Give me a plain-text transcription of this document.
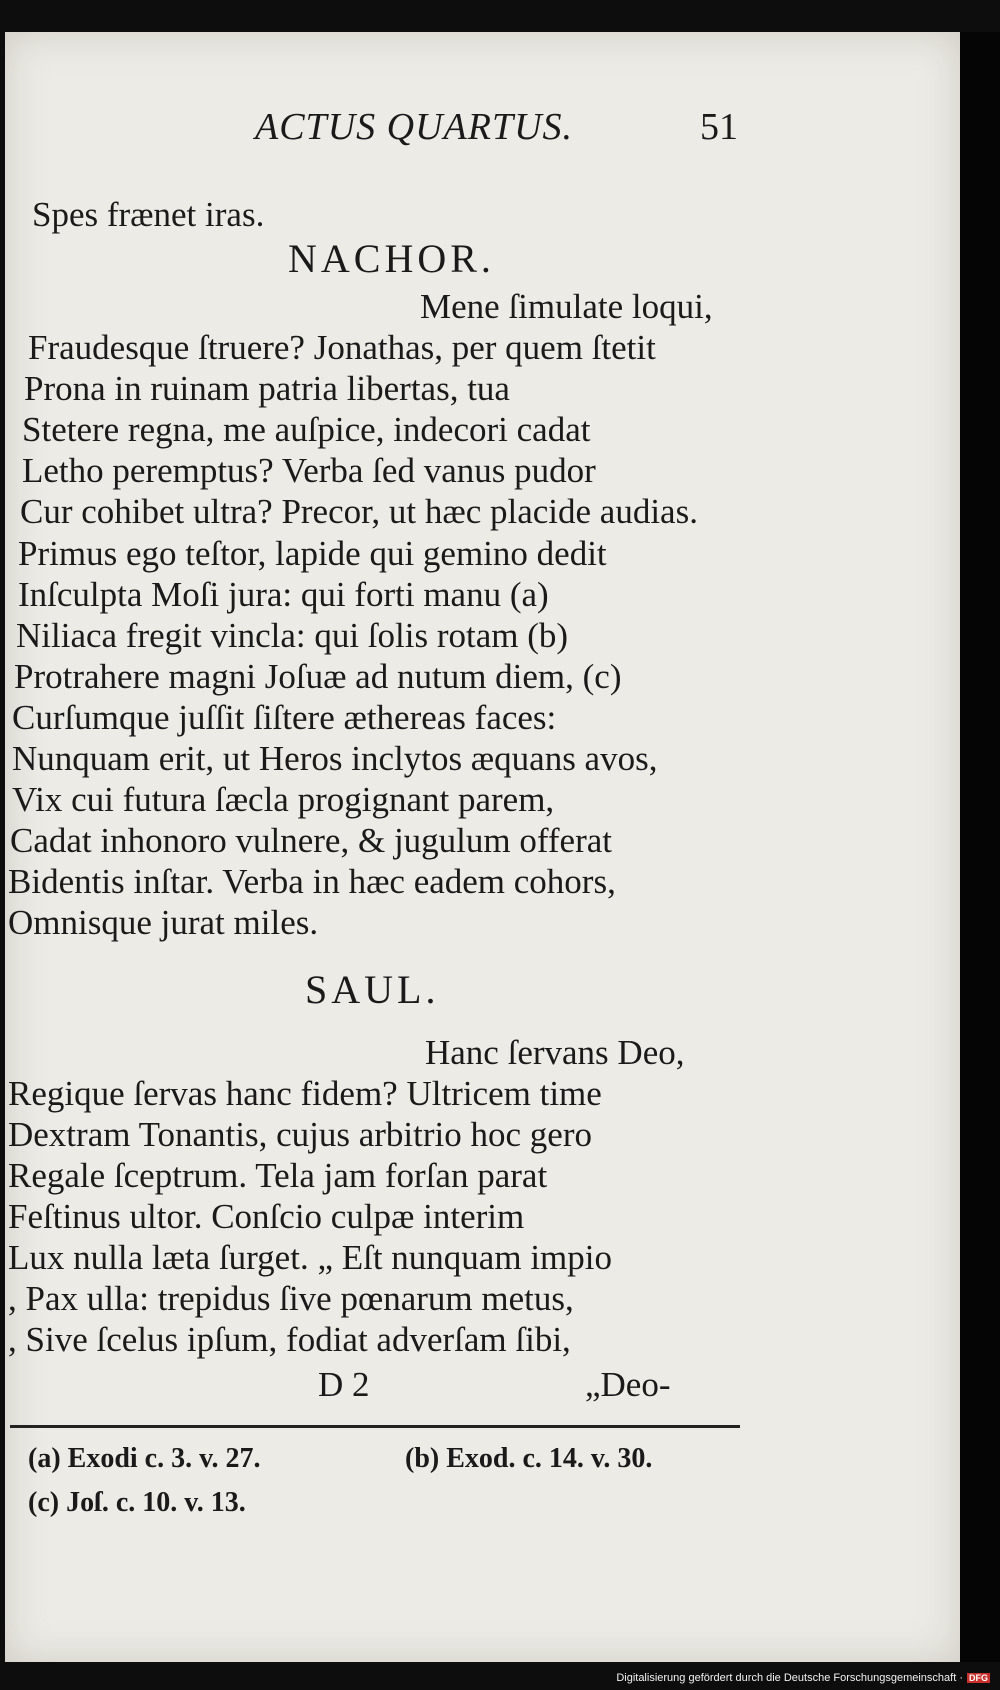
ACTUS QUARTUS.	51
Spes frænet iras.
NACHOR.
Mene ſimulate loqui,
Fraudesque ſtruere? Jonathas, per quem ſtetit
Prona in ruinam patria libertas, tua
Stetere regna, me auſpice, indecori cadat
Letho peremptus? Verba ſed vanus pudor
Cur cohibet ultra? Precor, ut hæc placide audias.
Primus ego teſtor, lapide qui gemino dedit
Inſculpta Moſi jura: qui forti manu (a)
Niliaca fregit vincla: qui ſolis rotam (b)
Protrahere magni Joſuæ ad nutum diem, (c)
Curſumque juſſit ſiſtere æthereas faces:
Nunquam erit, ut Heros inclytos æquans avos,
Vix cui futura ſæcla progignant parem,
Cadat inhonoro vulnere, & jugulum offerat
Bidentis inſtar. Verba in hæc eadem cohors,
Omnisque jurat miles.
SAUL.
Hanc ſervans Deo,
Regique ſervas hanc fidem? Ultricem time
Dextram Tonantis, cujus arbitrio hoc gero
Regale ſceptrum. Tela jam forſan parat
Feſtinus ultor. Conſcio culpæ interim
Lux nulla læta ſurget. „ Eſt nunquam impio
, Pax ulla: trepidus ſive pœnarum metus,
, Sive ſcelus ipſum, fodiat adverſam ſibi,
D 2	„Deo-
(a) Exodi c. 3. v. 27.	(b) Exod. c. 14. v. 30.
(c) Joſ. c. 10. v. 13.
Digitalisierung gefördert durch die Deutsche Forschungsgemeinschaft · DFG
